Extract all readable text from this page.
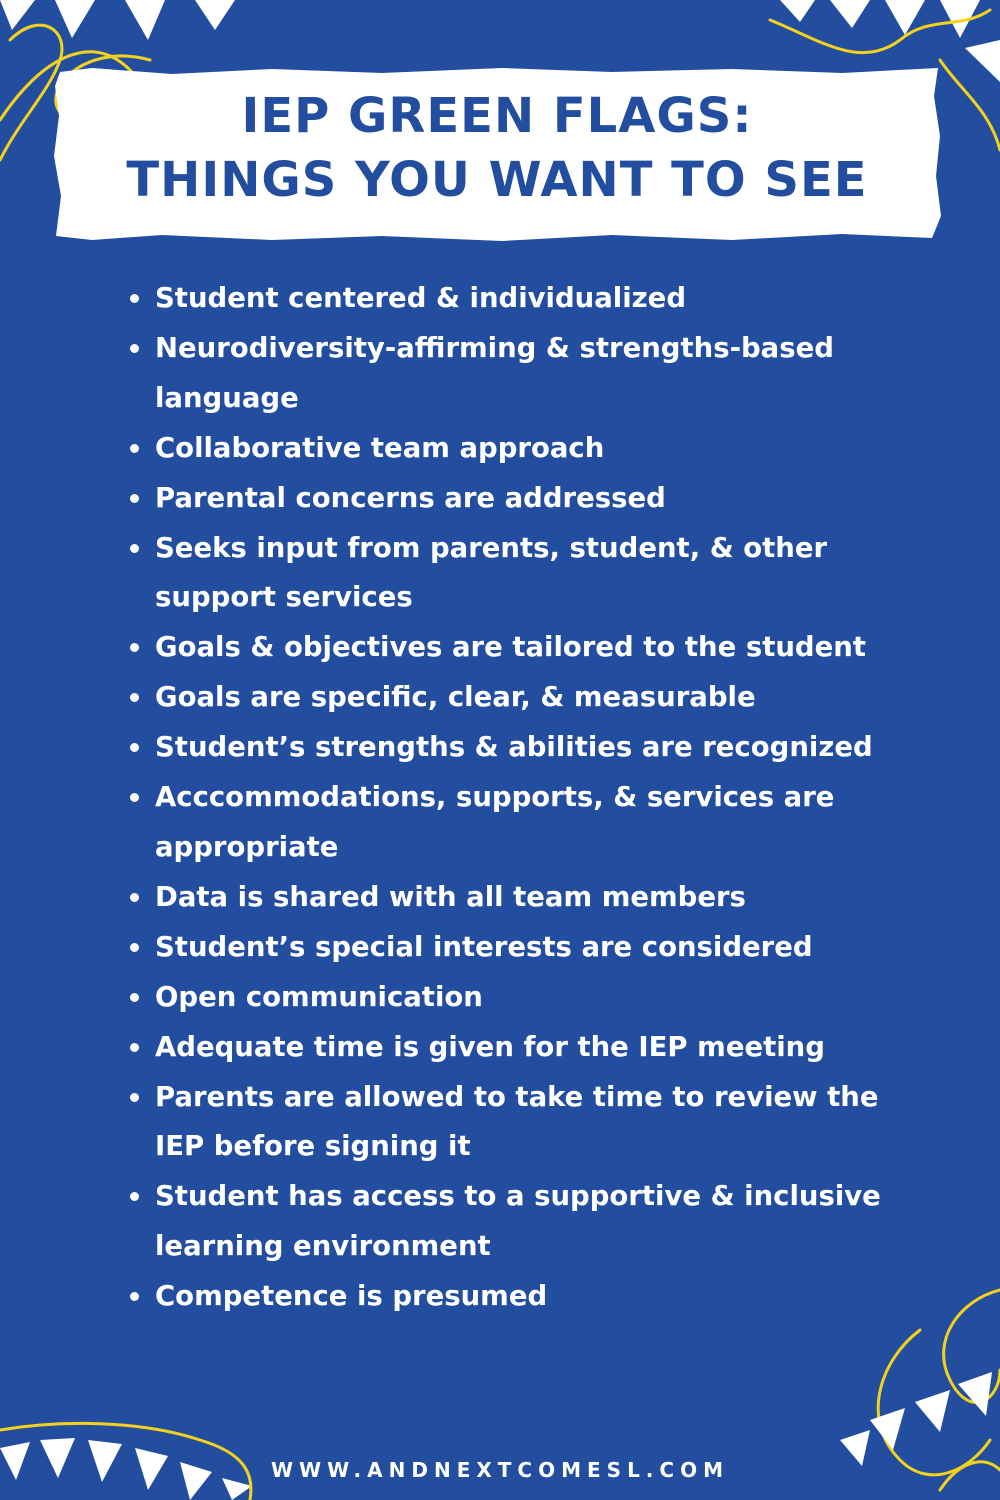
IEP GREEN FLAGS:
THINGS YOU WANT TO SEE
Student centered & individualized
Neurodiversity-affirming & strengths-based language
Collaborative team approach
Parental concerns are addressed
Seeks input from parents, student, & other support services
Goals & objectives are tailored to the student
Goals are specific, clear, & measurable
Student’s strengths & abilities are recognized
Acccommodations, supports, & services are appropriate
Data is shared with all team members
Student’s special interests are considered
Open communication
Adequate time is given for the IEP meeting
Parents are allowed to take time to review the IEP before signing it
Student has access to a supportive & inclusive learning environment
Competence is presumed
WWW.ANDNEXTCOMESL.COM
